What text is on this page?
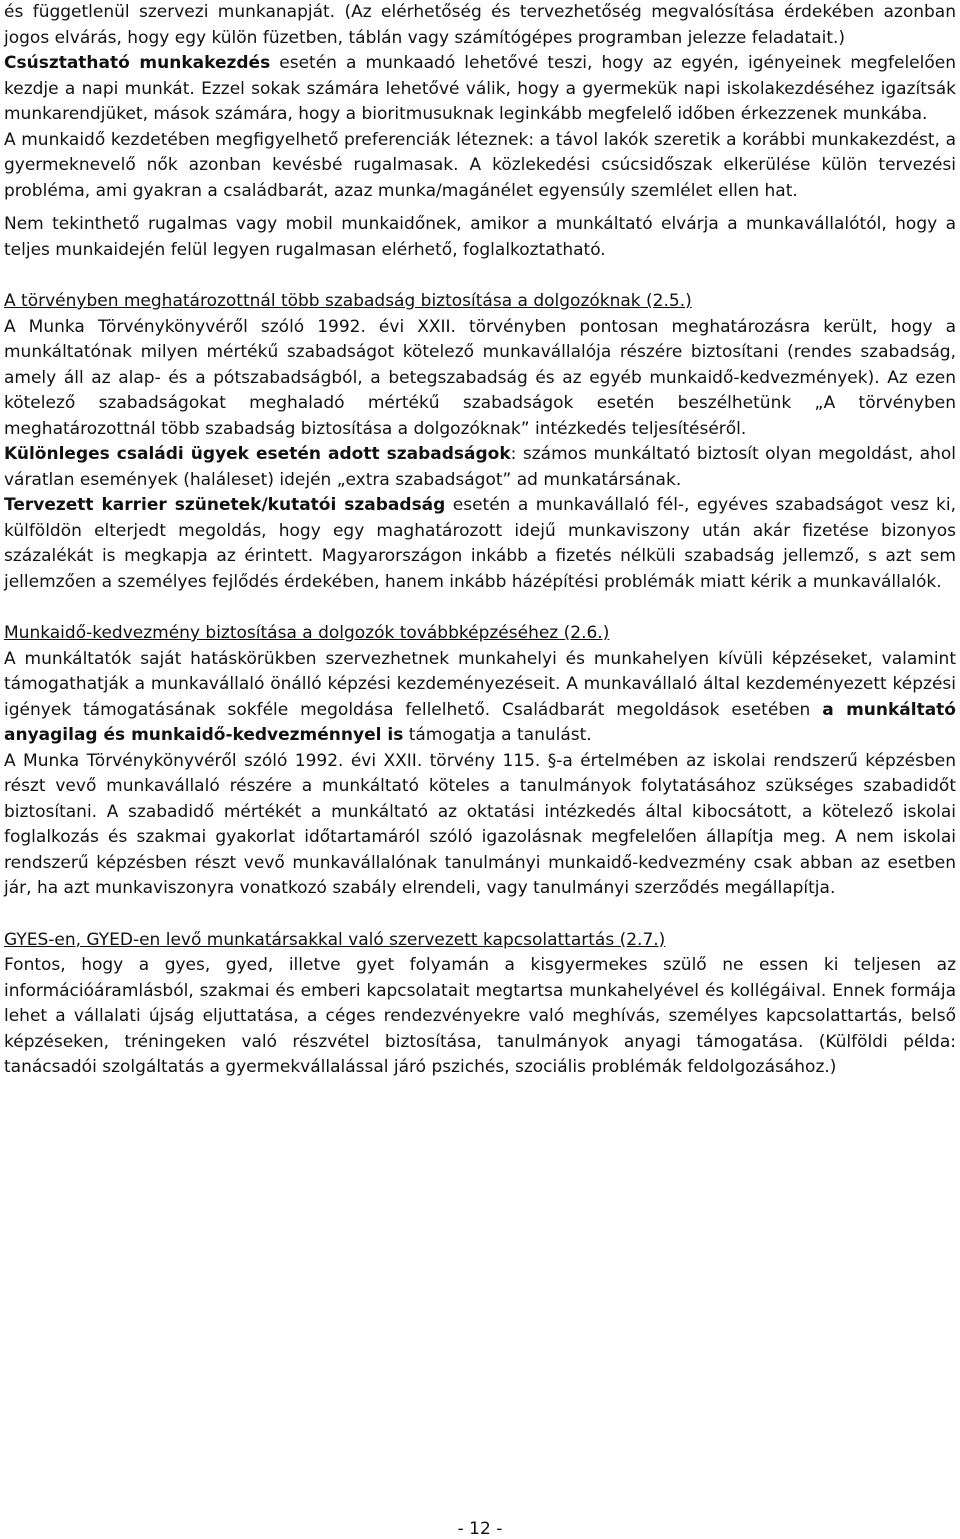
és függetlenül szervezi munkanapját. (Az elérhetőség és tervezhetőség megvalósítása érdekében azonban jogos elvárás, hogy egy külön füzetben, táblán vagy számítógépes programban jelezze feladatait.)

Csúsztatható munkakezdés esetén a munkaadó lehetővé teszi, hogy az egyén, igényeinek megfelelően kezdje a napi munkát. Ezzel sokak számára lehetővé válik, hogy a gyermekük napi iskolakezdéséhez igazítsák munkarendjüket, mások számára, hogy a bioritmusuknak leginkább megfelelő időben érkezzenek munkába.

A munkaidő kezdetében megfigyelhető preferenciák léteznek: a távol lakók szeretik a korábbi munkakezdést, a gyermeknevelő nők azonban kevésbé rugalmasak. A közlekedési csúcsidőszak elkerülése külön tervezési probléma, ami gyakran a családbarát, azaz munka/magánélet egyensúly szemlélet ellen hat.

Nem tekinthető rugalmas vagy mobil munkaidőnek, amikor a munkáltató elvárja a munkavállalótól, hogy a teljes munkaidején felül legyen rugalmasan elérhető, foglalkoztatható.

A törvényben meghatározottnál több szabadság biztosítása a dolgozóknak (2.5.)

A Munka Törvénykönyvéről szóló 1992. évi XXII. törvényben pontosan meghatározásra került, hogy a munkáltatónak milyen mértékű szabadságot kötelező munkavállalója részére biztosítani (rendes szabadság, amely áll az alap- és a pótszabadságból, a betegszabadság és az egyéb munkaidő-kedvezmények). Az ezen kötelező szabadságokat meghaladó mértékű szabadságok esetén beszélhetünk „A törvényben meghatározottnál több szabadság biztosítása a dolgozóknak” intézkedés teljesítéséről.

Különleges családi ügyek esetén adott szabadságok: számos munkáltató biztosít olyan megoldást, ahol váratlan események (haláleset) idején „extra szabadságot” ad munkatársának.

Tervezett karrier szünetek/kutatói szabadság esetén a munkavállaló fél-, egyéves szabadságot vesz ki, külföldön elterjedt megoldás, hogy egy maghatározott idejű munkaviszony után akár fizetése bizonyos százalékát is megkapja az érintett. Magyarországon inkább a fizetés nélküli szabadság jellemző, s azt sem jellemzően a személyes fejlődés érdekében, hanem inkább házépítési problémák miatt kérik a munkavállalók.

Munkaidő-kedvezmény biztosítása a dolgozók továbbképzéséhez (2.6.)

A munkáltatók saját hatáskörükben szervezhetnek munkahelyi és munkahelyen kívüli képzéseket, valamint támogathatják a munkavállaló önálló képzési kezdeményezéseit. A munkavállaló által kezdeményezett képzési igények támogatásának sokféle megoldása fellelhető. Családbarát megoldások esetében a munkáltató anyagilag és munkaidő-kedvezménnyel is támogatja a tanulást.

A Munka Törvénykönyvéről szóló 1992. évi XXII. törvény 115. §-a értelmében az iskolai rendszerű képzésben részt vevő munkavállaló részére a munkáltató köteles a tanulmányok folytatásához szükséges szabadidőt biztosítani. A szabadidő mértékét a munkáltató az oktatási intézkedés által kibocsátott, a kötelező iskolai foglalkozás és szakmai gyakorlat időtartamáról szóló igazolásnak megfelelően állapítja meg. A nem iskolai rendszerű képzésben részt vevő munkavállalónak tanulmányi munkaidő-kedvezmény csak abban az esetben jár, ha azt munkaviszonyra vonatkozó szabály elrendeli, vagy tanulmányi szerződés megállapítja.

GYES-en, GYED-en levő munkatársakkal való szervezett kapcsolattartás (2.7.)

Fontos, hogy a gyes, gyed, illetve gyet folyamán a kisgyermekes szülő ne essen ki teljesen az információáramlásból, szakmai és emberi kapcsolatait megtartsa munkahelyével és kollégáival. Ennek formája lehet a vállalati újság eljuttatása, a céges rendezvényekre való meghívás, személyes kapcsolattartás, belső képzéseken, tréningeken való részvétel biztosítása, tanulmányok anyagi támogatása. (Külföldi példa: tanácsadói szolgáltatás a gyermekvállalással járó pszichés, szociális problémák feldolgozásához.)

- 12 -
